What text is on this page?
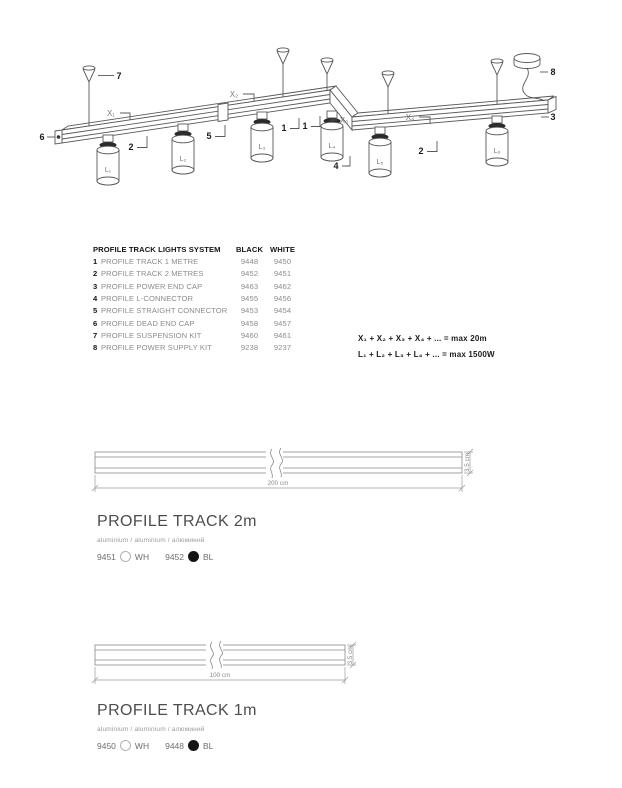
L₁
L₂
L₃	L₄
L₅
L₆
X₁
X₂
X₃	X₄
7	8
6
3
2
5
1 1
4
2
PROFILE TRACK LIGHTS SYSTEM	BLACK WHITE
1 PROFILE TRACK 1 METRE	9448	9450
2 PROFILE TRACK 2 METRES	9452	9451
3 PROFILE POWER END CAP	9463	9462
4 PROFILE L-CONNECTOR	9455	9456
5 PROFILE STRAIGHT CONNECTOR	9453	9454
6 PROFILE DEAD END CAP	9458	9457
7 PROFILE SUSPENSION KIT	9460	9461
8 PROFILE POWER SUPPLY KIT	9238	9237
X₁ + X₂ + X₃ + X₄ + ... = max 20m
L₁ + L₂ + L₃ + L₄ + ... = max 1500W
200 cm
3.5 cm
PROFILE TRACK 2m
aluminium / aluminium / алюминий
9451 WH 9452 BL
100 cm
3.5 cm
PROFILE TRACK 1m
aluminium / aluminium / алюминий
9450 WH 9448 BL
